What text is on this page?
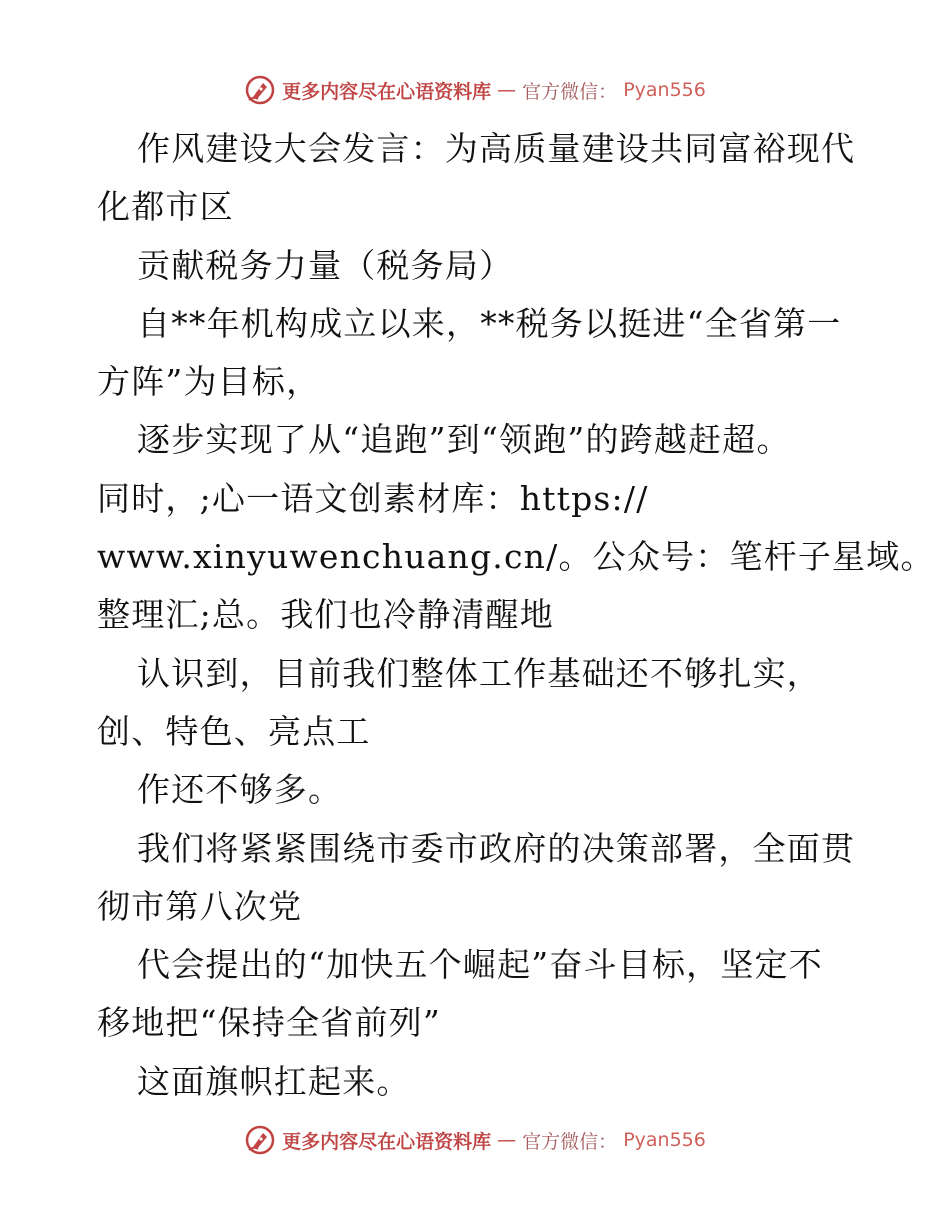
更多内容尽在心语资料库 — 官方微信： Pyan556
作风建设大会发言：为高质量建设共同富裕现代
化都市区
贡献税务力量（税务局）
自**年机构成立以来，**税务以挺进“全省第一
方阵”为目标，
逐步实现了从“追跑”到“领跑”的跨越赶超。
同时，;心一语文创素材库：https://
www.xinyuwenchuang.cn/。公众号：笔杆子星域。
整理汇;总。我们也冷静清醒地
认识到，目前我们整体工作基础还不够扎实，
创、特色、亮点工
作还不够多。
我们将紧紧围绕市委市政府的决策部署，全面贯
彻市第八次党
代会提出的“加快五个崛起”奋斗目标，坚定不
移地把“保持全省前列”
这面旗帜扛起来。
更多内容尽在心语资料库 — 官方微信： Pyan556
